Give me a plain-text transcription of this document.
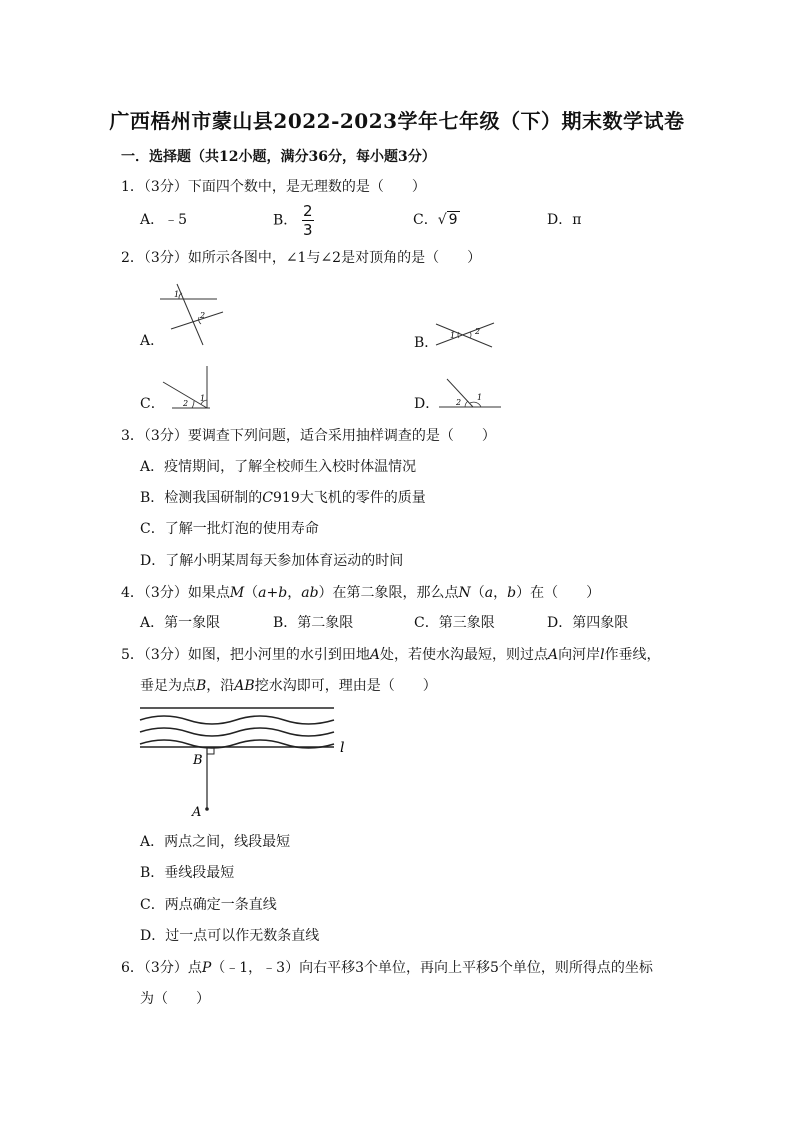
广西梧州市蒙山县2022-2023学年七年级（下）期末数学试卷
一．选择题（共12小题，满分36分，每小题3分）
1．（3分）下面四个数中，是无理数的是（　　）
A．﹣5	B． $\frac{2}{3}$	C．√ 9	D．π
2．（3分）如所示各图中，∠1与∠2是对顶角的是（　　）
A．
1
2
B． 1 2
C． 2
1	D． 2
1
3．（3分）要调查下列问题，适合采用抽样调查的是（　　）
A．疫情期间，了解全校师生入校时体温情况
B．检测我国研制的C919大飞机的零件的质量
C．了解一批灯泡的使用寿命
D．了解小明某周每天参加体育运动的时间
4．（3分）如果点M（a+b，ab）在第二象限，那么点N（a，b）在（　　）
A．第一象限	B．第二象限	C．第三象限	D．第四象限
5．（3分）如图，把小河里的水引到田地A处，若使水沟最短，则过点A向河岸l作垂线，
垂足为点B，沿AB挖水沟即可，理由是（　　）
l
B
A
A．两点之间，线段最短
B．垂线段最短
C．两点确定一条直线
D．过一点可以作无数条直线
6．（3分）点P（﹣1，﹣3）向右平移3个单位，再向上平移5个单位，则所得点的坐标
为（　　）
